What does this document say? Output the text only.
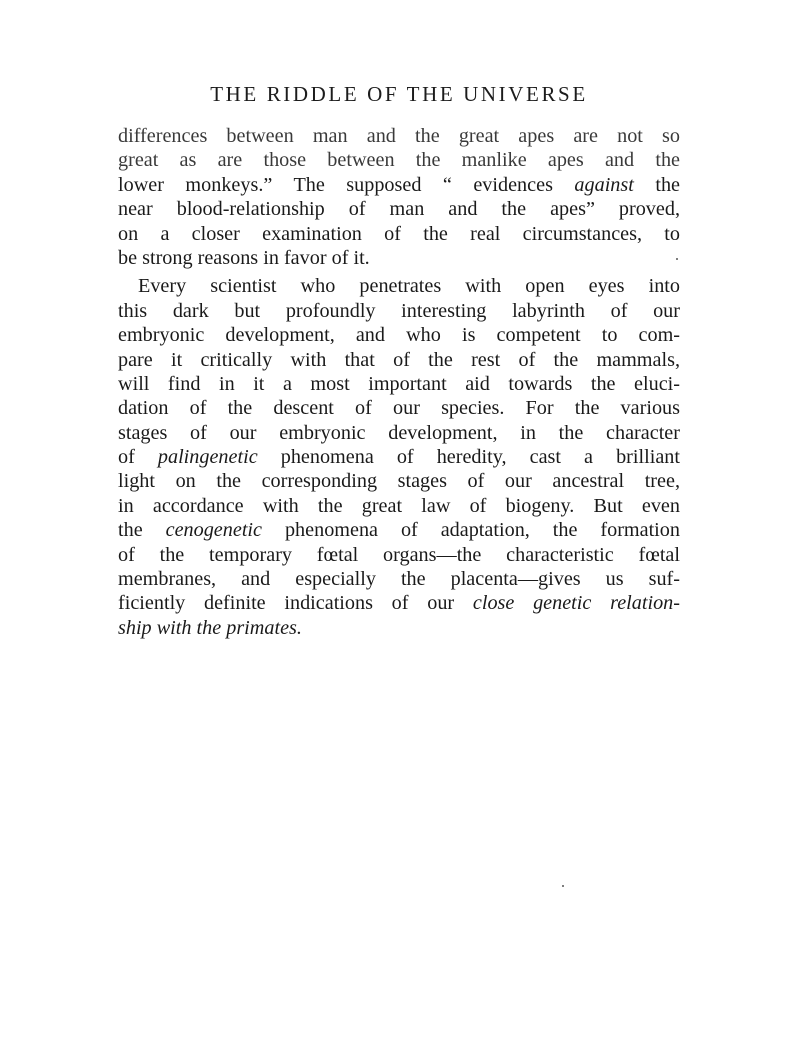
THE RIDDLE OF THE UNIVERSE
differences between man and the great apes are not so
great as are those between the manlike apes and the
lower monkeys.” The supposed “ evidences against the
near blood-relationship of man and the apes” proved,
on a closer examination of the real circumstances, to
be strong reasons in favor of it.
Every scientist who penetrates with open eyes into
this dark but profoundly interesting labyrinth of our
embryonic development, and who is competent to com-
pare it critically with that of the rest of the mammals,
will find in it a most important aid towards the eluci-
dation of the descent of our species. For the various
stages of our embryonic development, in the character
of palingenetic phenomena of heredity, cast a brilliant
light on the corresponding stages of our ancestral tree,
in accordance with the great law of biogeny. But even
the cenogenetic phenomena of adaptation, the formation
of the temporary fœtal organs—the characteristic fœtal
membranes, and especially the placenta—gives us suf-
ficiently definite indications of our close genetic relation-
ship with the primates.
